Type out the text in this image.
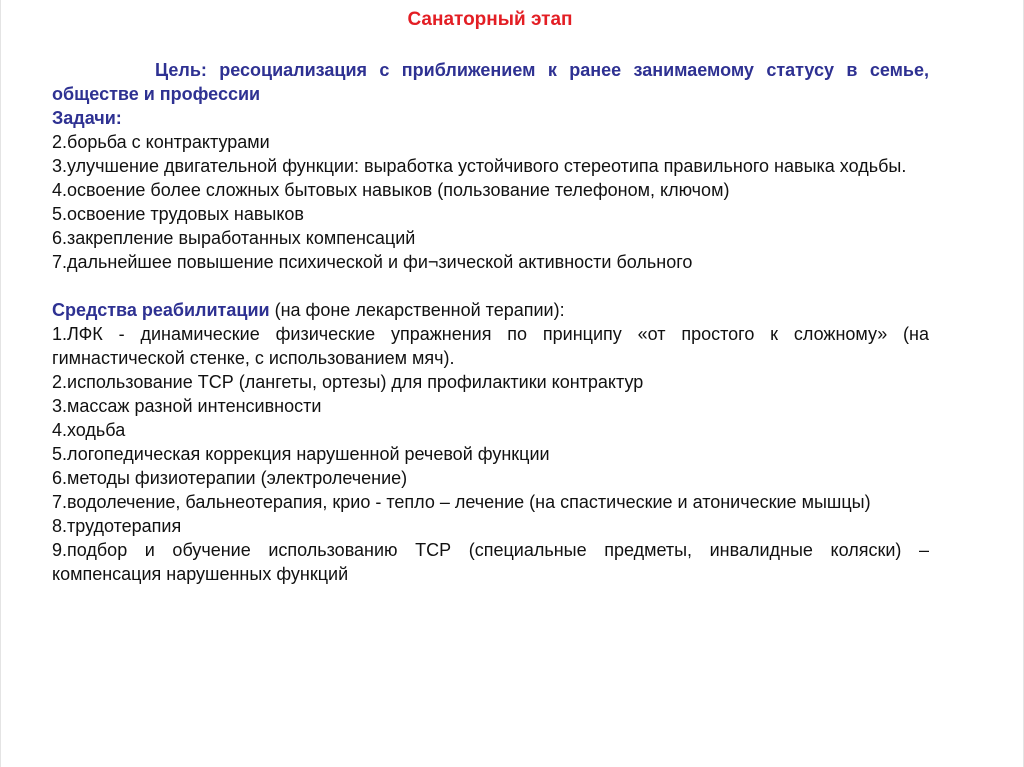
Санаторный этап

Цель: ресоциализация с приближением к ранее занимаемому статусу в семье, обществе и профессии

Задачи:

2.борьба с контрактурами

3.улучшение двигательной функции: выработка устойчивого стереотипа правильного навыка ходьбы.

4.освоение более сложных бытовых навыков (пользование телефоном, ключом)

5.освоение трудовых навыков

6.закрепление выработанных компенсаций

7.дальнейшее повышение психической и фи¬зической активности больного

Средства реабилитации (на фоне лекарственной терапии):

1.ЛФК - динамические физические упражнения по принципу «от простого к сложному» (на гимнастической стенке, с использованием мяч).

2.использование ТСР (лангеты, ортезы) для профилактики контрактур

3.массаж разной интенсивности

4.ходьба

5.логопедическая коррекция нарушенной речевой функции

6.методы физиотерапии (электролечение)

7.водолечение, бальнеотерапия, крио - тепло – лечение (на спастические и атонические мышцы)

8.трудотерапия

9.подбор и обучение использованию ТСР (специальные предметы, инвалидные коляски) – компенсация нарушенных функций
